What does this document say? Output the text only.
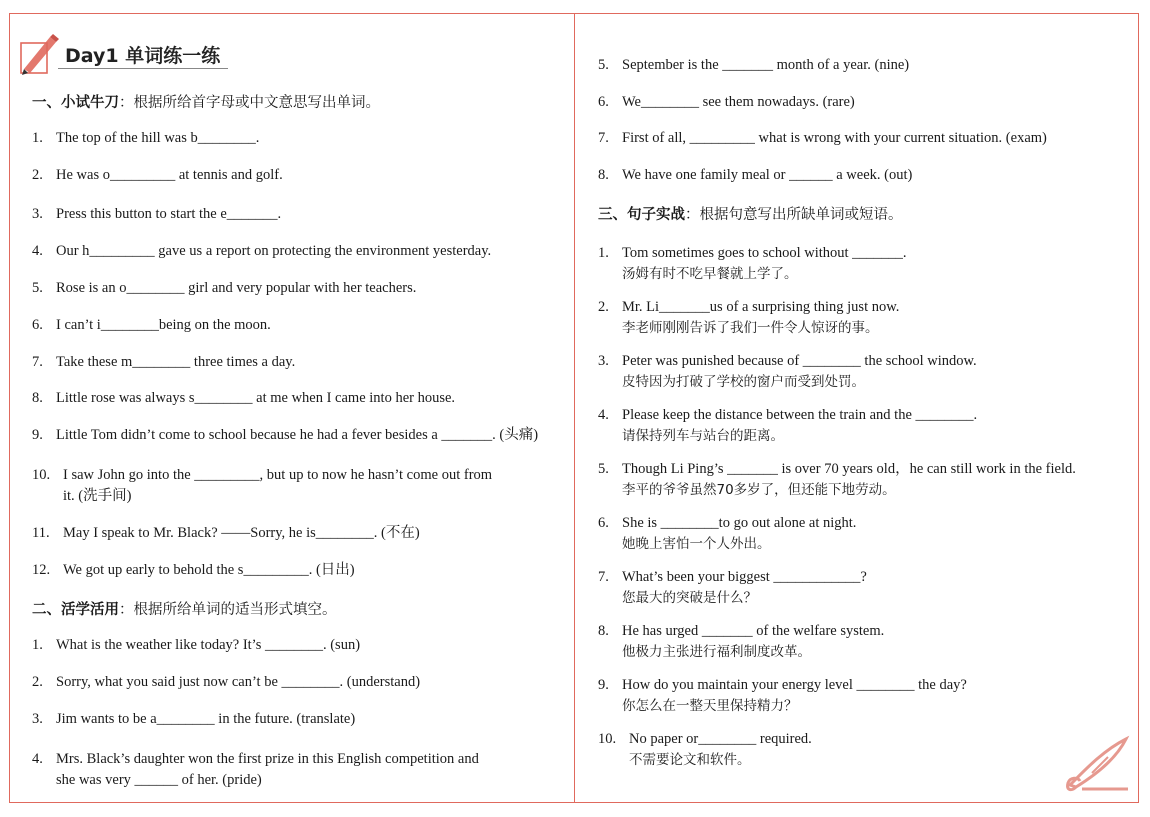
Day1 单词练一练
一、小试牛刀：根据所给首字母或中文意思写出单词。
1. The top of the hill was b________.
2. He was o_________ at tennis and golf.
3. Press this button to start the e_______.
4. Our h_________ gave us a report on protecting the environment yesterday.
5. Rose is an o________ girl and very popular with her teachers.
6. I can’t i________being on the moon.
7. Take these m________ three times a day.
8. Little rose was always s________ at me when I came into her house.
9. Little Tom didn’t come to school because he had a fever besides a _______. (头痛)
10. I saw John go into the _________, but up to now he hasn’t come out from
it. (洗手间)
11. May I speak to Mr. Black? ——Sorry, he is________. (不在)
12. We got up early to behold the s_________. (日出)
二、活学活用：根据所给单词的适当形式填空。
1. What is the weather like today? It’s ________. (sun)
2. Sorry, what you said just now can’t be ________. (understand)
3. Jim wants to be a________ in the future. (translate)
4. Mrs. Black’s daughter won the first prize in this English competition and
she was very ______ of her. (pride)
5. September is the _______ month of a year. (nine)
6. We________ see them nowadays. (rare)
7. First of all, _________ what is wrong with your current situation. (exam)
8. We have one family meal or ______ a week. (out)
三、句子实战：根据句意写出所缺单词或短语。
1. Tom sometimes goes to school without _______.
汤姆有时不吃早餐就上学了。
2. Mr. Li_______us of a surprising thing just now.
李老师刚刚告诉了我们一件令人惊讶的事。
3. Peter was punished because of ________ the school window.
皮特因为打破了学校的窗户而受到处罚。
4. Please keep the distance between the train and the ________.
请保持列车与站台的距离。
5. Though Li Ping’s _______ is over 70 years old，he can still work in the field.
李平的爷爷虽然70多岁了，但还能下地劳动。
6. She is ________to go out alone at night.
她晚上害怕一个人外出。
7. What’s been your biggest ____________?
您最大的突破是什么？
8. He has urged _______ of the welfare system.
他极力主张进行福利制度改革。
9. How do you maintain your energy level ________ the day?
你怎么在一整天里保持精力？
10. No paper or________ required.
不需要论文和软件。
